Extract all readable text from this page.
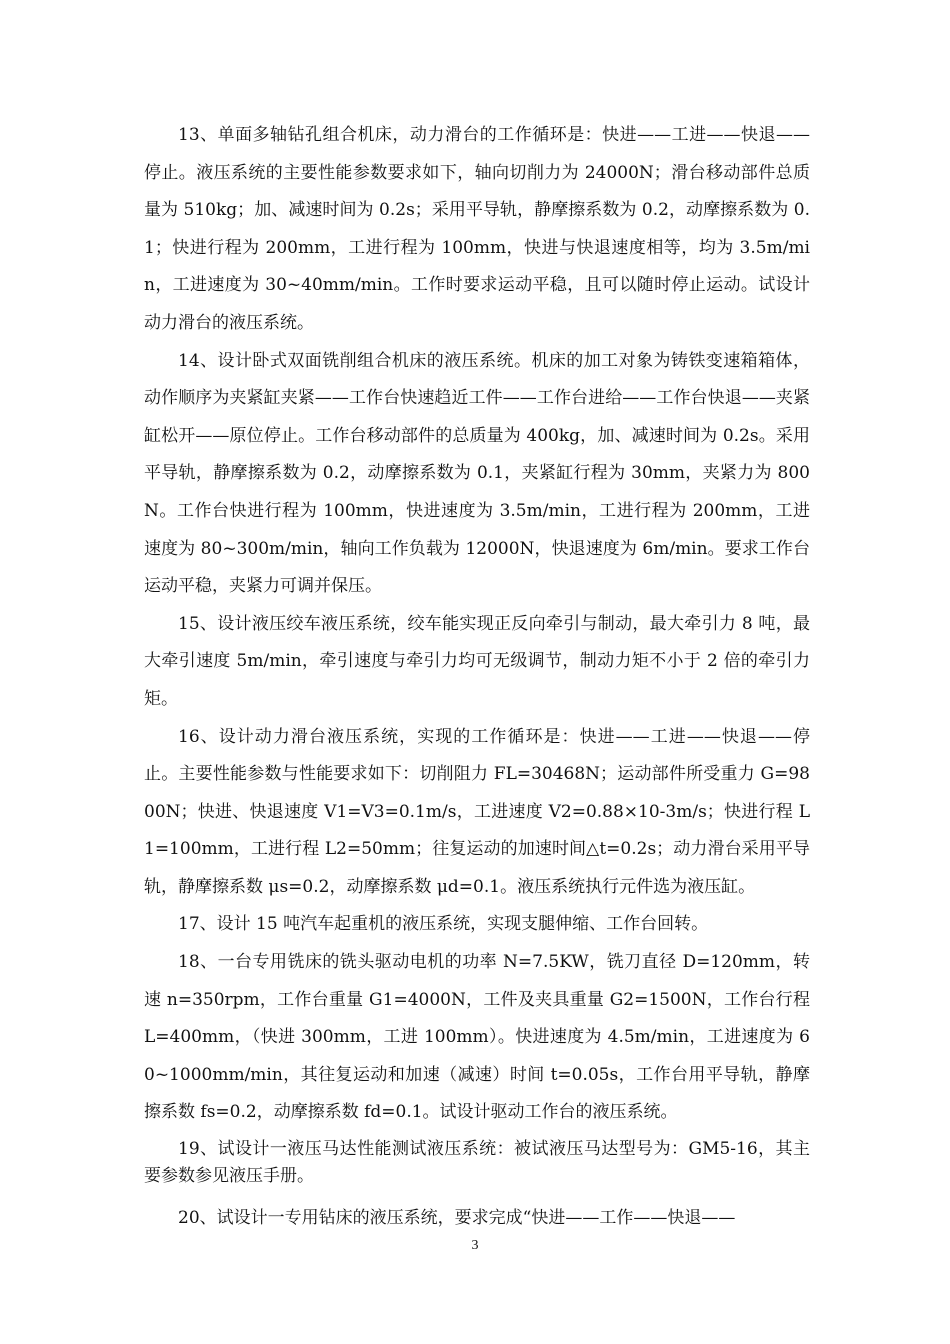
13、单面多轴钻孔组合机床，动力滑台的工作循环是：快进——工进——快退——停止。液压系统的主要性能参数要求如下，轴向切削力为 24000N；滑台移动部件总质量为 510kg；加、减速时间为 0.2s；采用平导轨，静摩擦系数为 0.2，动摩擦系数为 0.1；快进行程为 200mm，工进行程为 100mm，快进与快退速度相等，均为 3.5m/min，工进速度为 30~40mm/min。工作时要求运动平稳，且可以随时停止运动。试设计动力滑台的液压系统。

14、设计卧式双面铣削组合机床的液压系统。机床的加工对象为铸铁变速箱箱体，动作顺序为夹紧缸夹紧——工作台快速趋近工件——工作台进给——工作台快退——夹紧缸松开——原位停止。工作台移动部件的总质量为 400kg，加、减速时间为 0.2s。采用平导轨，静摩擦系数为 0.2，动摩擦系数为 0.1，夹紧缸行程为 30mm，夹紧力为 800N。工作台快进行程为 100mm，快进速度为 3.5m/min，工进行程为 200mm，工进速度为 80~300m/min，轴向工作负载为 12000N，快退速度为 6m/min。要求工作台运动平稳，夹紧力可调并保压。

15、设计液压绞车液压系统，绞车能实现正反向牵引与制动，最大牵引力 8 吨，最大牵引速度 5m/min，牵引速度与牵引力均可无级调节，制动力矩不小于 2 倍的牵引力矩。

16、设计动力滑台液压系统，实现的工作循环是：快进——工进——快退——停止。主要性能参数与性能要求如下：切削阻力 FL=30468N；运动部件所受重力 G=9800N；快进、快退速度 V1=V3=0.1m/s，工进速度 V2=0.88×10-3m/s；快进行程 L1=100mm，工进行程 L2=50mm；往复运动的加速时间△t=0.2s；动力滑台采用平导轨，静摩擦系数 μs=0.2，动摩擦系数 μd=0.1。液压系统执行元件选为液压缸。

17、设计 15 吨汽车起重机的液压系统，实现支腿伸缩、工作台回转。

18、一台专用铣床的铣头驱动电机的功率 N=7.5KW，铣刀直径 D=120mm，转速 n=350rpm，工作台重量 G1=4000N，工件及夹具重量 G2=1500N，工作台行程 L=400mm，（快进 300mm，工进 100mm）。快进速度为 4.5m/min，工进速度为 60~1000mm/min，其往复运动和加速（减速）时间 t=0.05s，工作台用平导轨，静摩擦系数 fs=0.2，动摩擦系数 fd=0.1。试设计驱动工作台的液压系统。

19、试设计一液压马达性能测试液压系统：被试液压马达型号为：GM5-16，其主要参数参见液压手册。

20、试设计一专用钻床的液压系统，要求完成“快进——工作——快退——

3
